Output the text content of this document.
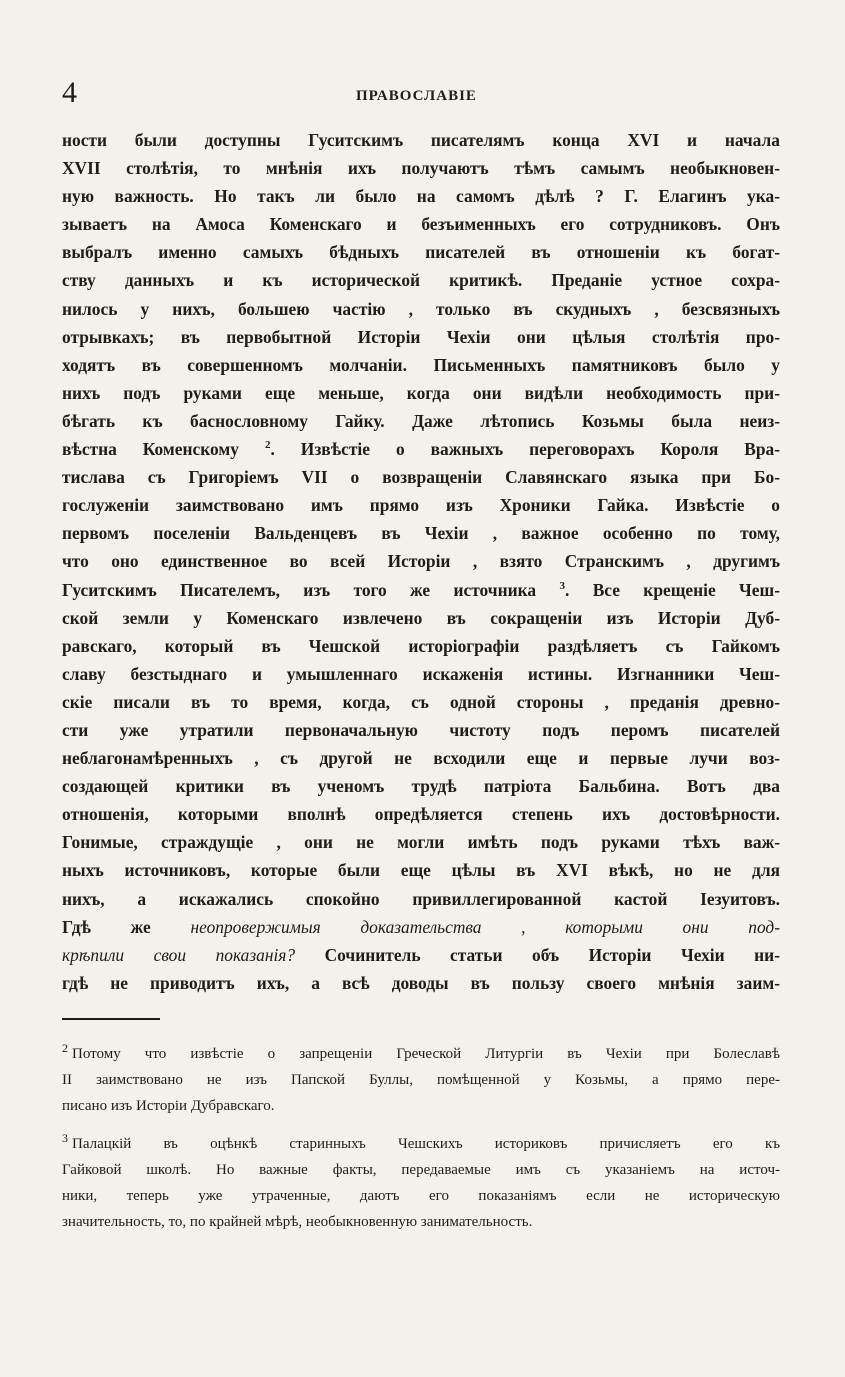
4	ПРАВОСЛАВІЕ
ности были доступны Гуситскимъ писателямъ конца XVI и начала
XVII столѣтія, то мнѣнія ихъ получаютъ тѣмъ самымъ необыкновен-
ную важность. Но такъ ли было на самомъ дѣлѣ ? Г. Елагинъ ука-
зываетъ на Амоса Коменскаго и безъименныхъ его сотрудниковъ. Онъ
выбралъ именно самыхъ бѣдныхъ писателей въ отношеніи къ богат-
ству данныхъ и къ исторической критикѣ. Преданіе устное сохра-
нилось у нихъ, большею частію , только въ скудныхъ , безсвязныхъ
отрывкахъ; въ первобытной Исторіи Чехіи они цѣлыя столѣтія про-
ходятъ въ совершенномъ молчаніи. Письменныхъ памятниковъ было у
нихъ подъ руками еще меньше, когда они видѣли необходимость при-
бѣгать къ баснословному Гайку. Даже лѣтопись Козьмы была неиз-
вѣстна Коменскому $^2$. Извѣстіе о важныхъ переговорахъ Короля Вра-
тислава съ Григоріемъ VII о возвращеніи Славянскаго языка при Бо-
гослуженіи заимствовано имъ прямо изъ Хроники Гайка. Извѣстіе о
первомъ поселеніи Вальденцевъ въ Чехіи , важное особенно по тому,
что оно единственное во всей Исторіи , взято Странскимъ , другимъ
Гуситскимъ Писателемъ, изъ того же источника $^3$. Все крещеніе Чеш-
ской земли у Коменскаго извлечено въ сокращеніи изъ Исторіи Дуб-
равскаго, который въ Чешской исторіографіи раздѣляетъ съ Гайкомъ
славу безстыднаго и умышленнаго искаженія истины. Изгнанники Чеш-
скіе писали въ то время, когда, съ одной стороны , преданія древно-
сти уже утратили первоначальную чистоту подъ перомъ писателей
неблагонамѣренныхъ , съ другой не всходили еще и первые лучи воз-
создающей критики въ ученомъ трудѣ патріота Бальбина. Вотъ два
отношенія, которыми вполнѣ опредѣляется степень ихъ достовѣрности.
Гонимые, страждущіе , они не могли имѣть подъ руками тѣхъ важ-
ныхъ источниковъ, которые были еще цѣлы въ XVI вѣкѣ, но не для
нихъ, а искажались спокойно привиллегированной кастой Іезуитовъ.
Гдѣ же неопровержимыя доказательства , которыми они под-
крѣпили свои показанія? Сочинитель статьи объ Исторіи Чехіи ни-
гдѣ не приводитъ ихъ, а всѣ доводы въ пользу своего мнѣнія заим-
$^2$ Потому что извѣстіе о запрещеніи Греческой Литургіи въ Чехіи при Болеславѣ
II заимствовано не изъ Папской Буллы, помѣщенной у Козьмы, а прямо пере-
писано изъ Исторіи Дубравскаго.
$^3$ Палацкій въ оцѣнкѣ старинныхъ Чешскихъ историковъ причисляетъ его къ
Гайковой школѣ. Но важные факты, передаваемые имъ съ указаніемъ на источ-
ники, теперь уже утраченные, даютъ его показаніямъ если не историческую
значительность, то, по крайней мѣрѣ, необыкновенную занимательность.
